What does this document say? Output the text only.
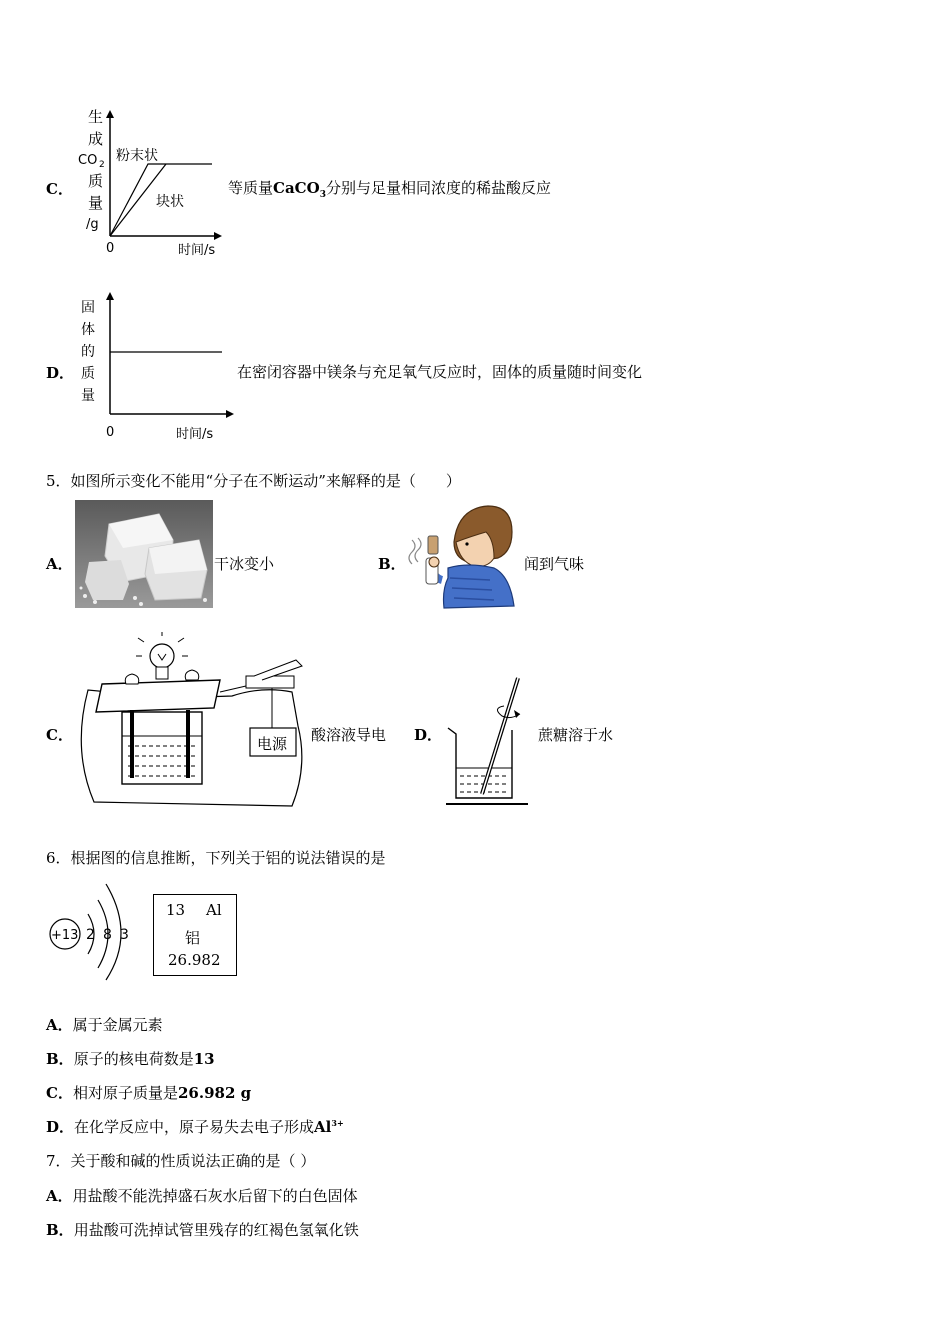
C．
生
成
CO 2
质
量
/g
0	时间/s
粉末状
块状
等质量CaCO$_3$分别与足量相同浓度的稀盐酸反应
D．
固
体
的
质
量
0	时间/s
在密闭容器中镁条与充足氧气反应时，固体的质量随时间变化
5．如图所示变化不能用“分子在不断运动”来解释的是（　　）
A．	干冰变小	B．	闻到气味
C．	电源 酸溶液导电 D．	蔗糖溶于水
6．根据图的信息推断，下列关于铝的说法错误的是
+13 2 8 3
13 Al
铝
26.982
A．属于金属元素
B．原子的核电荷数是13
C．相对原子质量是26.982 g
D．在化学反应中，原子易失去电子形成$Al^{3+}$
7．关于酸和碱的性质说法正确的是（ ）
A．用盐酸不能洗掉盛石灰水后留下的白色固体
B．用盐酸可洗掉试管里残存的红褐色氢氧化铁
